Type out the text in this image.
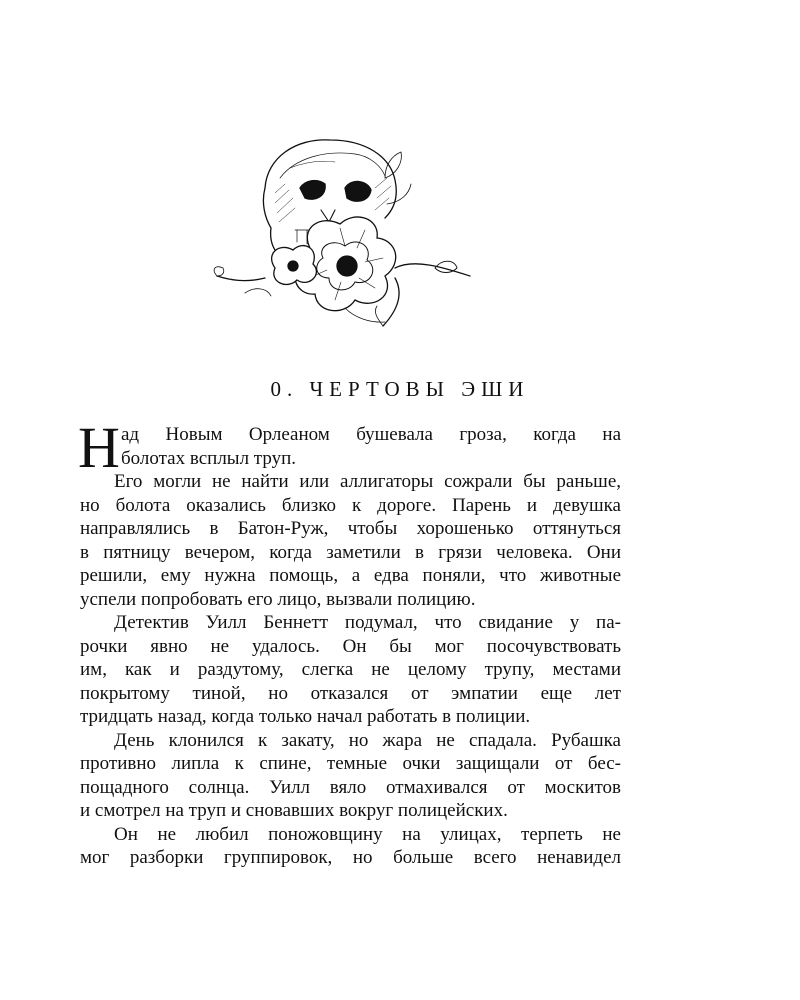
0. ЧЕРТОВЫ ЭШИ
Н ад Новым Орлеаном бушевала гроза, когда на
болотах всплыл труп.
Его могли не найти или аллигаторы сожрали бы раньше,
но болота оказались близко к дороге. Парень и девушка
направлялись в Батон-Руж, чтобы хорошенько оттянуться
в пятницу вечером, когда заметили в грязи человека. Они
решили, ему нужна помощь, а едва поняли, что животные
успели попробовать его лицо, вызвали полицию.
Детектив Уилл Беннетт подумал, что свидание у па-
рочки явно не удалось. Он бы мог посочувствовать
им, как и раздутому, слегка не целому трупу, местами
покрытому тиной, но отказался от эмпатии еще лет
тридцать назад, когда только начал работать в полиции.
День клонился к закату, но жара не спадала. Рубашка
противно липла к спине, темные очки защищали от бес-
пощадного солнца. Уилл вяло отмахивался от москитов
и смотрел на труп и сновавших вокруг полицейских.
Он не любил поножовщину на улицах, терпеть не
мог разборки группировок, но больше всего ненавидел
